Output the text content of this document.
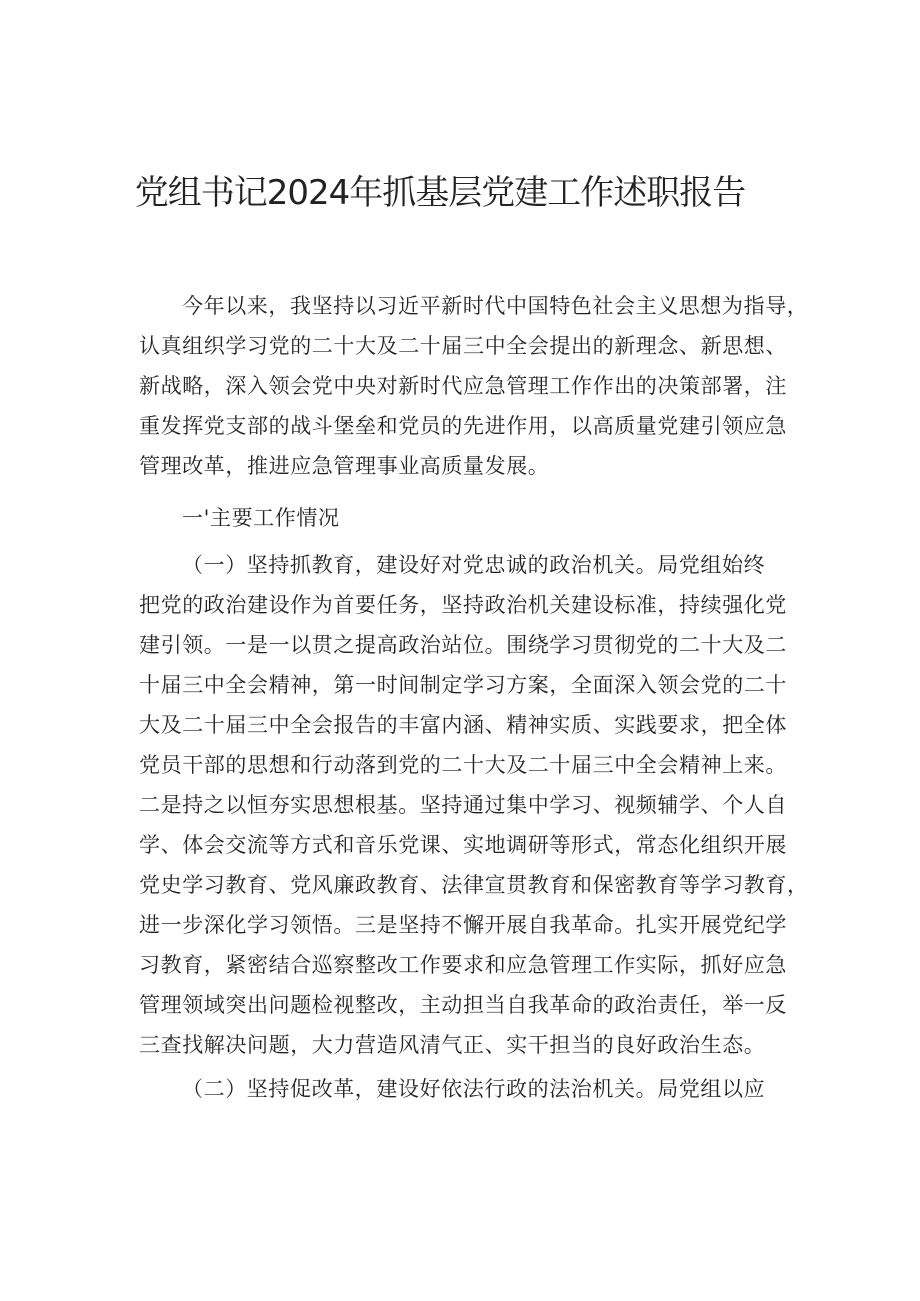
党组书记2024年抓基层党建工作述职报告
今年以来，我坚持以习近平新时代中国特色社会主义思想为指导，
认真组织学习党的二十大及二十届三中全会提出的新理念、新思想、
新战略，深入领会党中央对新时代应急管理工作作出的决策部署，注
重发挥党支部的战斗堡垒和党员的先进作用，以高质量党建引领应急
管理改革，推进应急管理事业高质量发展。
一'主要工作情况
（一）坚持抓教育，建设好对党忠诚的政治机关。局党组始终
把党的政治建设作为首要任务，坚持政治机关建设标准，持续强化党
建引领。一是一以贯之提高政治站位。围绕学习贯彻党的二十大及二
十届三中全会精神，第一时间制定学习方案，全面深入领会党的二十
大及二十届三中全会报告的丰富内涵、精神实质、实践要求，把全体
党员干部的思想和行动落到党的二十大及二十届三中全会精神上来。
二是持之以恒夯实思想根基。坚持通过集中学习、视频辅学、个人自
学、体会交流等方式和音乐党课、实地调研等形式，常态化组织开展
党史学习教育、党风廉政教育、法律宣贯教育和保密教育等学习教育，
进一步深化学习领悟。三是坚持不懈开展自我革命。扎实开展党纪学
习教育，紧密结合巡察整改工作要求和应急管理工作实际，抓好应急
管理领域突出问题检视整改，主动担当自我革命的政治责任，举一反
三查找解决问题，大力营造风清气正、实干担当的良好政治生态。
（二）坚持促改革，建设好依法行政的法治机关。局党组以应
